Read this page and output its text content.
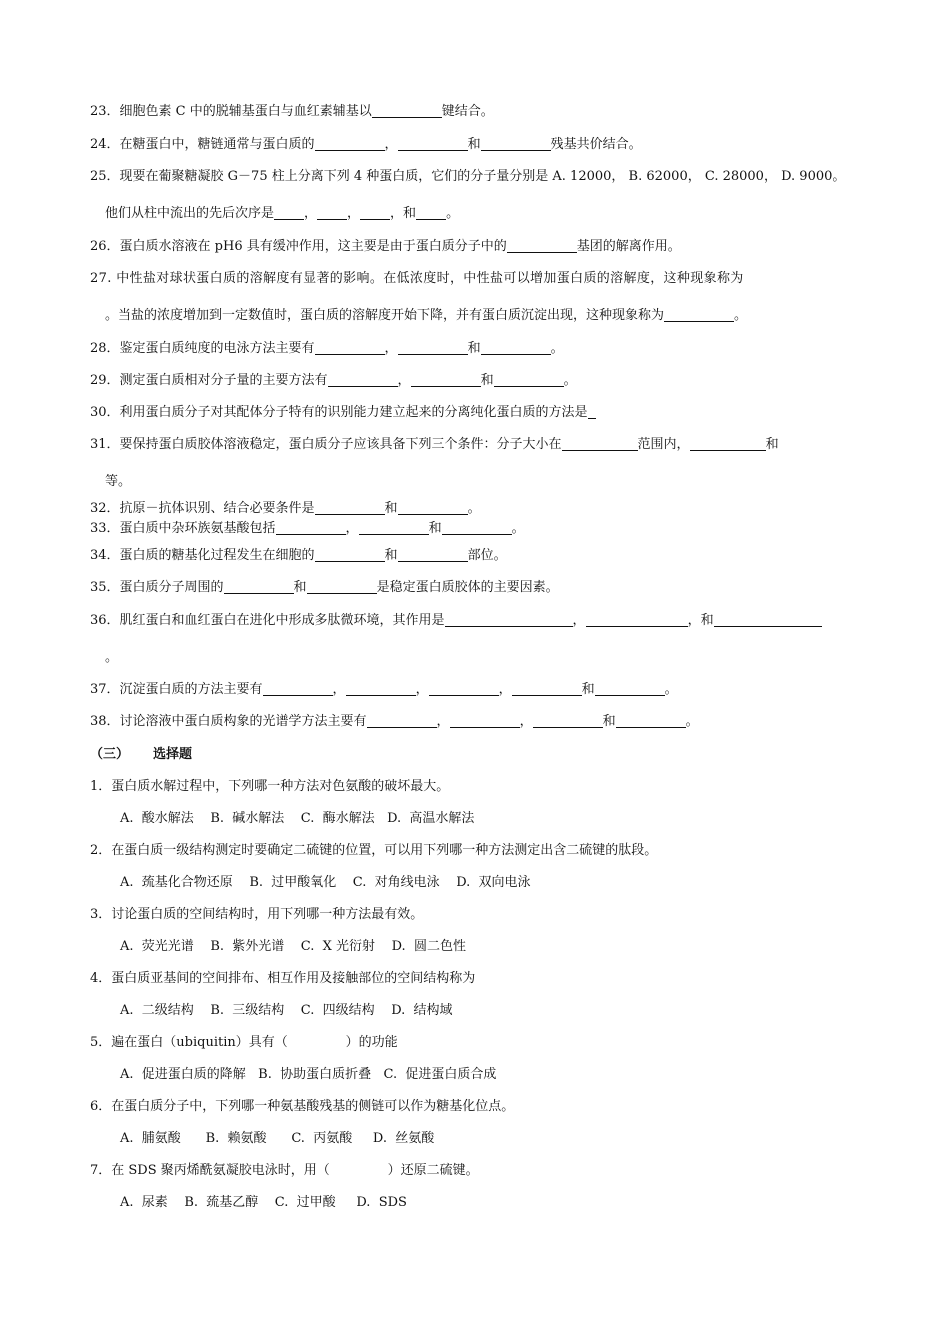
23．细胞色素 C 中的脱辅基蛋白与血红素辅基以	键结合。
24．在糖蛋白中，糖链通常与蛋白质的	，	和	残基共价结合。
25．现要在葡聚糖凝胶 G－75 柱上分离下列 4 种蛋白质，它们的分子量分别是 A. 12000， B. 62000， C. 28000， D. 9000。
他们从柱中流出的先后次序是 ， ， ，和 。
26．蛋白质水溶液在 pH6 具有缓冲作用，这主要是由于蛋白质分子中的	基团的解离作用。
27. 中性盐对球状蛋白质的溶解度有显著的影响。在低浓度时，中性盐可以增加蛋白质的溶解度，这种现象称为
。当盐的浓度增加到一定数值时，蛋白质的溶解度开始下降，并有蛋白质沉淀出现，这种现象称为	。
28．鉴定蛋白质纯度的电泳方法主要有	，	和	。
29．测定蛋白质相对分子量的主要方法有	，	和	。
30．利用蛋白质分子对其配体分子特有的识别能力建立起来的分离纯化蛋白质的方法是
31．要保持蛋白质胶体溶液稳定，蛋白质分子应该具备下列三个条件：分子大小在	范围内，	和
等。
32．抗原－抗体识别、结合必要条件是	和	。
33．蛋白质中杂环族氨基酸包括	，	和	。
34．蛋白质的糖基化过程发生在细胞的	和	部位。
35．蛋白质分子周围的	和	是稳定蛋白质胶体的主要因素。
36．肌红蛋白和血红蛋白在进化中形成多肽微环境，其作用是	，	，和
。
37．沉淀蛋白质的方法主要有	，	，	，	和	。
38．讨论溶液中蛋白质构象的光谱学方法主要有	，	，	和	。
（三） 选择题
1．蛋白质水解过程中，下列哪一种方法对色氨酸的破坏最大。
A.  酸水解法    B.  碱水解法    C.  酶水解法   D.  高温水解法
2．在蛋白质一级结构测定时要确定二硫键的位置，可以用下列哪一种方法测定出含二硫键的肽段。
A.  巯基化合物还原    B.  过甲酸氧化    C.  对角线电泳    D.  双向电泳
3．讨论蛋白质的空间结构时，用下列哪一种方法最有效。
A.  荧光光谱    B.  紫外光谱    C.  X 光衍射    D.  圆二色性
4．蛋白质亚基间的空间排布、相互作用及接触部位的空间结构称为
A.  二级结构    B.  三级结构    C.  四级结构    D.  结构域
5．遍在蛋白（ubiquitin）具有（              ）的功能
A.  促进蛋白质的降解   B.  协助蛋白质折叠   C.  促进蛋白质合成
6．在蛋白质分子中，下列哪一种氨基酸残基的侧链可以作为糖基化位点。
A.  脯氨酸      B.  赖氨酸      C.  丙氨酸     D.  丝氨酸
7．在 SDS 聚丙烯酰氨凝胶电泳时，用（              ）还原二硫键。
A.  尿素    B.  巯基乙醇    C.  过甲酸     D.  SDS
